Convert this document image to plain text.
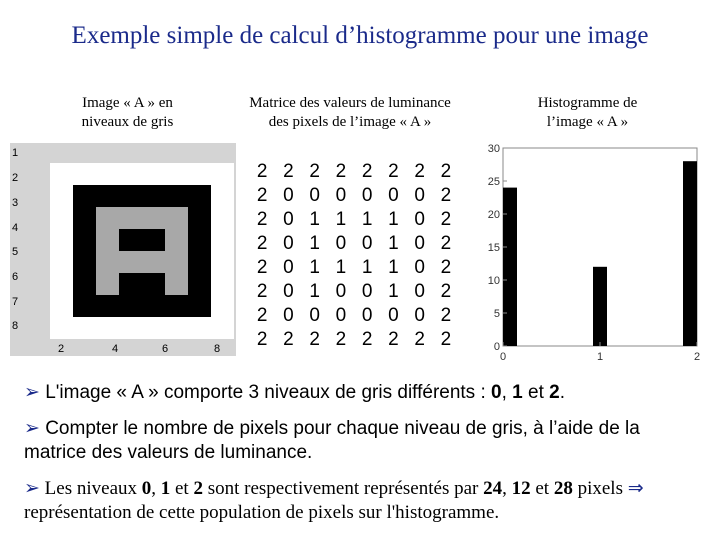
Exemple simple de calcul d’histogramme pour une image
Image « A » en
niveaux de gris
Matrice des valeurs de luminance
des pixels de l’image « A »
Histogramme de
l’image « A »
1
2
3
4
5
6
7
8
2	4	6	8
2 2 2 2 2 2 2 2
2 0 0 0 0 0 0 2
2 0 1 1 1 1 0 2
2 0 1 0 0 1 0 2
2 0 1 1 1 1 0 2
2 0 1 0 0 1 0 2
2 0 0 0 0 0 0 2
2 2 2 2 2 2 2 2	0
5
10
15
20
25
30
0	1	2
➢ L'image « A » comporte 3 niveaux de gris différents : 0, 1 et 2.
➢ Compter le nombre de pixels pour chaque niveau de gris, à l’aide de la matrice des valeurs de luminance.
➢ Les niveaux 0, 1 et 2 sont respectivement représentés par 24, 12 et 28 pixels ⇒ représentation de cette population de pixels sur l'histogramme.
